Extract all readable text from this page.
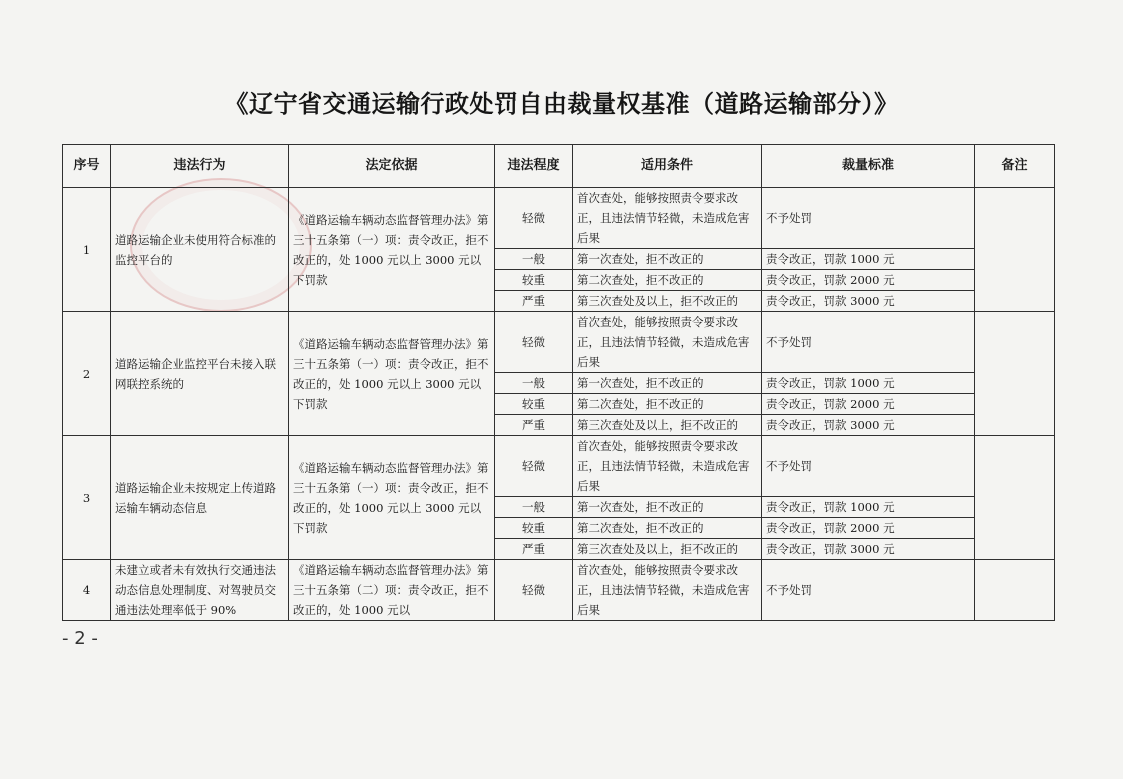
《辽宁省交通运输行政处罚自由裁量权基准（道路运输部分）》
序号	违法行为	法定依据	违法程度	适用条件	裁量标准	备注
1	道路运输企业未使用符合标准的监控平台的	《道路运输车辆动态监督管理办法》第三十五条第（一）项：责令改正，拒不改正的，处 1000 元以上 3000 元以下罚款	轻微	首次查处，能够按照责令要求改正，且违法情节轻微，未造成危害后果	不予处罚	
			一般	第一次查处，拒不改正的	责令改正，罚款 1000 元	
			较重	第二次查处，拒不改正的	责令改正，罚款 2000 元	
			严重	第三次查处及以上，拒不改正的	责令改正，罚款 3000 元	
2	道路运输企业监控平台未接入联网联控系统的	《道路运输车辆动态监督管理办法》第三十五条第（一）项：责令改正，拒不改正的，处 1000 元以上 3000 元以下罚款	轻微	首次查处，能够按照责令要求改正，且违法情节轻微，未造成危害后果	不予处罚	
			一般	第一次查处，拒不改正的	责令改正，罚款 1000 元	
			较重	第二次查处，拒不改正的	责令改正，罚款 2000 元	
			严重	第三次查处及以上，拒不改正的	责令改正，罚款 3000 元	
3	道路运输企业未按规定上传道路运输车辆动态信息	《道路运输车辆动态监督管理办法》第三十五条第（一）项：责令改正，拒不改正的，处 1000 元以上 3000 元以下罚款	轻微	首次查处，能够按照责令要求改正，且违法情节轻微，未造成危害后果	不予处罚	
			一般	第一次查处，拒不改正的	责令改正，罚款 1000 元	
			较重	第二次查处，拒不改正的	责令改正，罚款 2000 元	
			严重	第三次查处及以上，拒不改正的	责令改正，罚款 3000 元	
4	未建立或者未有效执行交通违法动态信息处理制度、对驾驶员交通违法处理率低于 90%	《道路运输车辆动态监督管理办法》第三十五条第（二）项：责令改正，拒不改正的，处 1000 元以	轻微	首次查处，能够按照责令要求改正，且违法情节轻微，未造成危害后果	不予处罚	
- 2 -
